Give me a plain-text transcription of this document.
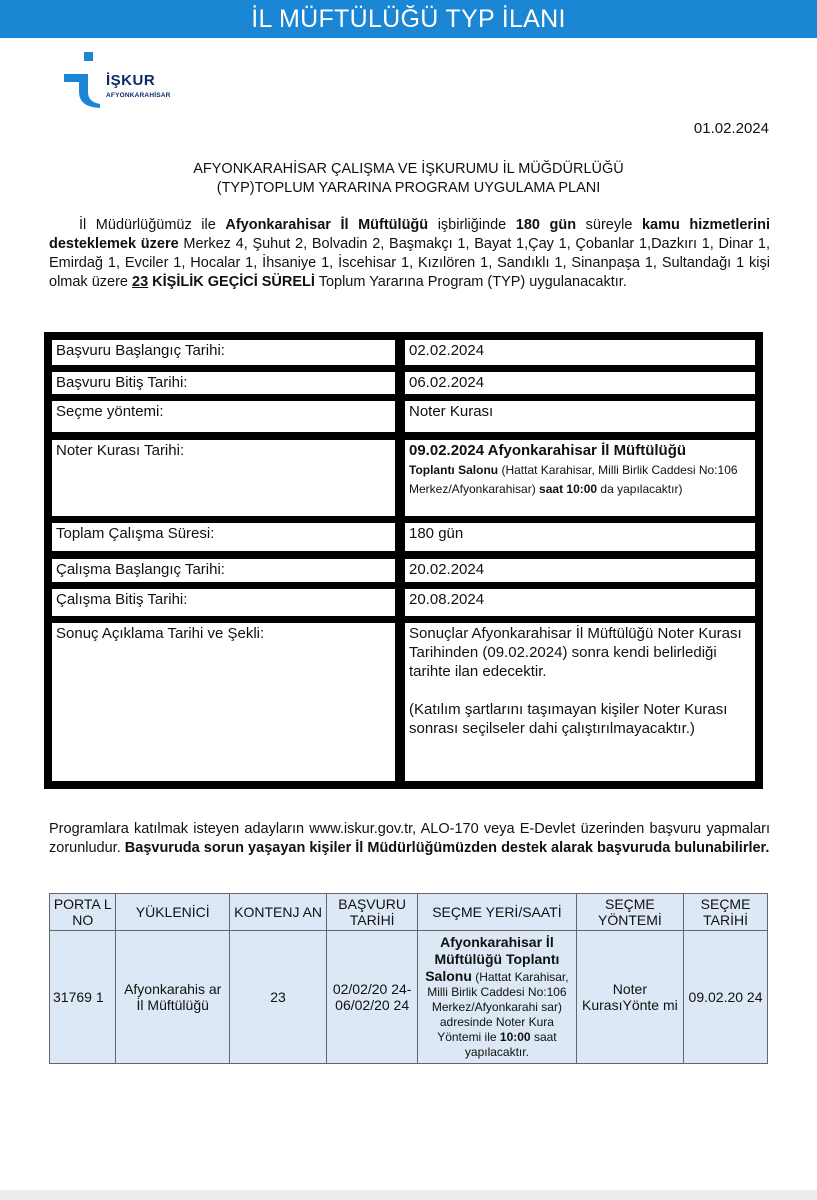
İL MÜFTÜLÜĞÜ TYP İLANI
İŞKUR
AFYONKARAHİSAR
01.02.2024
AFYONKARAHİSAR ÇALIŞMA VE İŞKURUMU İL MÜĞDÜRLÜĞÜ
(TYP)TOPLUM YARARINA PROGRAM UYGULAMA PLANI
İl Müdürlüğümüz ile Afyonkarahisar İl Müftülüğü işbirliğinde 180 gün süreyle kamu hizmetlerini desteklemek üzere Merkez 4, Şuhut 2, Bolvadin 2, Başmakçı 1, Bayat 1,Çay 1, Çobanlar 1,Dazkırı 1, Dinar 1, Emirdağ 1, Evciler 1, Hocalar 1, İhsaniye 1, İscehisar 1, Kızılören 1, Sandıklı 1, Sinanpaşa 1, Sultandağı 1 kişi olmak üzere 23 KİŞİLİK GEÇİCİ SÜRELİ Toplum Yararına Program (TYP) uygulanacaktır.
Başvuru Başlangıç Tarihi:	02.02.2024
Başvuru Bitiş Tarihi:	06.02.2024
Seçme yöntemi:	Noter Kurası
Noter Kurası Tarihi:	09.02.2024 Afyonkarahisar İl Müftülüğü
Toplantı Salonu (Hattat Karahisar, Milli Birlik Caddesi No:106 Merkez/Afyonkarahisar) saat 10:00 da yapılacaktır)
Toplam Çalışma Süresi:	180 gün
Çalışma Başlangıç Tarihi:	20.02.2024
Çalışma Bitiş Tarihi:	20.08.2024
Sonuç Açıklama Tarihi ve Şekli:	Sonuçlar Afyonkarahisar İl Müftülüğü Noter Kurası Tarihinden (09.02.2024) sonra kendi belirlediği tarihte ilan edecektir.
(Katılım şartlarını taşımayan kişiler Noter Kurası sonrası seçilseler dahi çalıştırılmayacaktır.)
Programlara katılmak isteyen adayların www.iskur.gov.tr, ALO-170 veya E-Devlet üzerinden başvuru yapmaları zorunludur. Başvuruda sorun yaşayan kişiler İl Müdürlüğümüzden destek alarak başvuruda bulunabilirler.
PORTA L NO	YÜKLENİCİ	KONTENJ AN	BAŞVURU TARİHİ	SEÇME YERİ/SAATİ	SEÇME YÖNTEMİ	SEÇME TARİHİ
31769 1	Afyonkarahis ar İl Müftülüğü	23	02/02/20 24- 06/02/20 24	Afyonkarahisar İl Müftülüğü Toplantı Salonu (Hattat Karahisar, Milli Birlik Caddesi No:106 Merkez/Afyonkarahi sar) adresinde Noter Kura Yöntemi ile 10:00 saat yapılacaktır.	Noter KurasıYönte mi	09.02.20 24
